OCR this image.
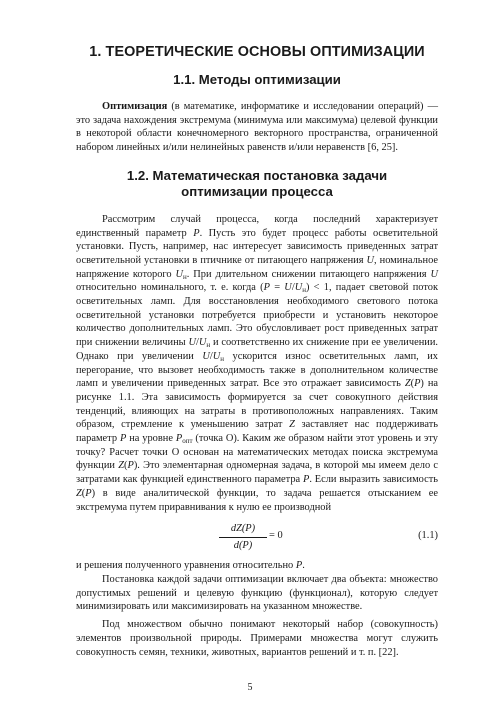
1. ТЕОРЕТИЧЕСКИЕ ОСНОВЫ ОПТИМИЗАЦИИ
1.1. Методы оптимизации

Оптимизация (в математике, информатике и исследовании операций) — это задача нахождения экстремума (минимума или максимума) целевой функции в некоторой области конечномерного векторного пространства, ограниченной набором линейных и/или нелинейных равенств и/или неравенств [6, 25].

1.2. Математическая постановка задачи
оптимизации процесса

Рассмотрим случай процесса, когда последний характеризует единственный параметр P. Пусть это будет процесс работы осветительной установки. Пусть, например, нас интересует зависимость приведенных затрат осветительной установки в птичнике от питающего напряжения U, номинальное напряжение которого $U_н$. При длительном снижении питающего напряжения U относительно номинального, т. е. когда $(P = U/U_н) < 1$, падает световой поток осветительных ламп. Для восстановления необходимого светового потока осветительной установки потребуется приобрести и установить некоторое количество дополнительных ламп. Это обусловливает рост приведенных затрат при снижении величины $U/U_н$ и соответственно их снижение при ее увеличении. Однако при увеличении $U/U_н$ ускорится износ осветительных ламп, их перегорание, что вызовет необходимость также в дополнительном количестве ламп и увеличении приведенных затрат. Все это отражает зависимость Z(P) на рисунке 1.1. Эта зависимость формируется за счет совокупного действия тенденций, влияющих на затраты в противоположных направлениях. Таким образом, стремление к уменьшению затрат Z заставляет нас поддерживать параметр P на уровне $P_{опт}$ (точка О). Каким же образом найти этот уровень и эту точку? Расчет точки О основан на математических методах поиска экстремума функции Z(P). Это элементарная одномерная задача, в которой мы имеем дело с затратами как функцией единственного параметра P. Если выразить зависимость Z(P) в виде аналитической функции, то задача решается отысканием ее экстремума путем приравнивания к нулю ее производной

dZ(P)
d(P)
= 0	(1.1)

и решения полученного уравнения относительно P.

Постановка каждой задачи оптимизации включает два объекта: множество допустимых решений и целевую функцию (функционал), которую следует минимизировать или максимизировать на указанном множестве.

Под множеством обычно понимают некоторый набор (совокупность) элементов произвольной природы. Примерами множества могут служить совокупность семян, техники, животных, вариантов решений и т. п. [22].

5
